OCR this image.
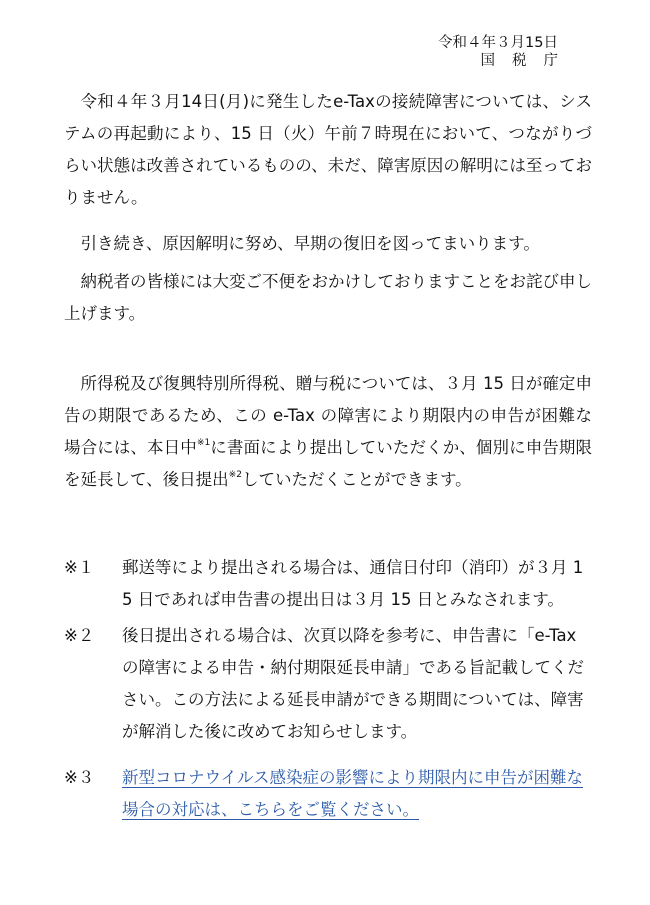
令和４年３月15日
国税庁

令和４年３月14日(月)に発生したe-Taxの接続障害については、システムの再起動により、15 日（火）午前７時現在において、つながりづらい状態は改善されているものの、未だ、障害原因の解明には至っておりません。

引き続き、原因解明に努め、早期の復旧を図ってまいります。

納税者の皆様には大変ご不便をおかけしておりますことをお詫び申し上げます。

所得税及び復興特別所得税、贈与税については、３月 15 日が確定申告の期限であるため、この e-Tax の障害により期限内の申告が困難な場合には、本日中$^{※1}$に書面により提出していただくか、個別に申告期限を延長して、後日提出$^{※2}$していただくことができます。

※１	郵送等により提出される場合は、通信日付印（消印）が３月 15 日であれば申告書の提出日は３月 15 日とみなされます。
※２	後日提出される場合は、次頁以降を参考に、申告書に「e-Tax の障害による申告・納付期限延長申請」である旨記載してください。この方法による延長申請ができる期間については、障害が解消した後に改めてお知らせします。
※３	新型コロナウイルス感染症の影響により期限内に申告が困難な場合の対応は、こちらをご覧ください。
